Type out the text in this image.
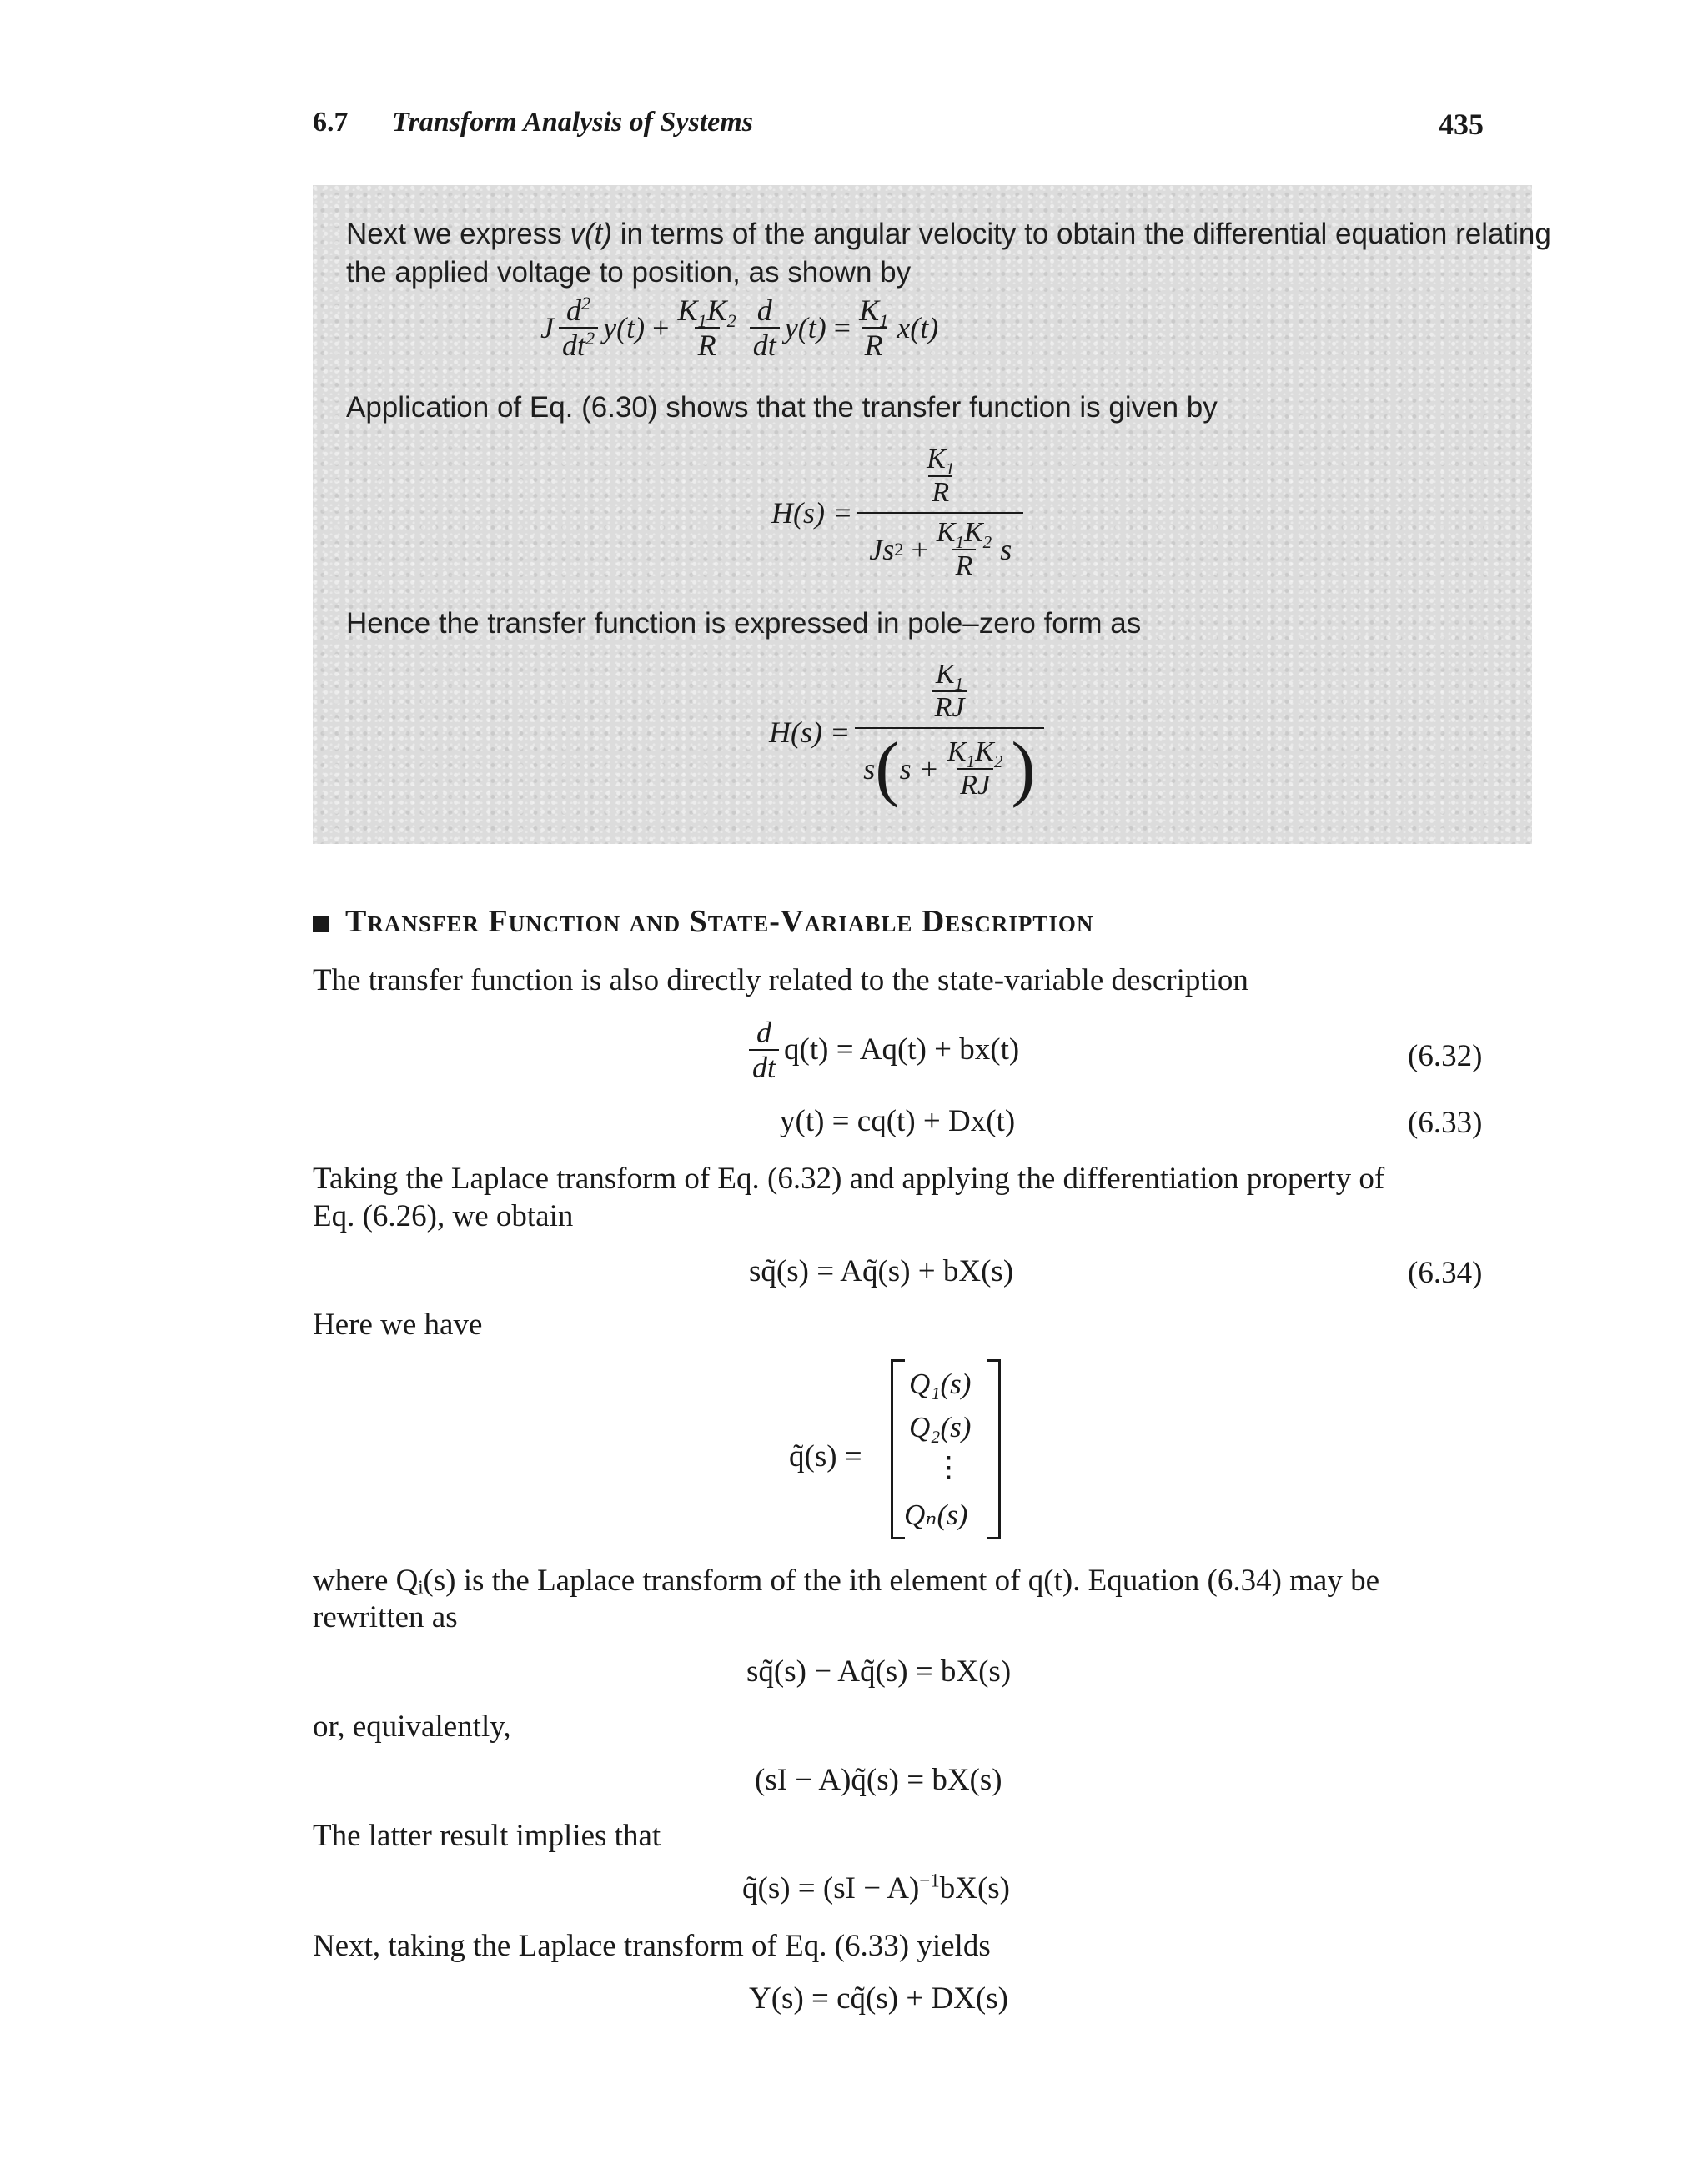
6.7 Transform Analysis of Systems	435
Next we express v(t) in terms of the angular velocity to obtain the differential equation relating
the applied voltage to position, as shown by
J $\frac{d^2}{dt^2} y(t)$
+ $\frac{K_1K_2}{R} \frac{d}{dt} y(t)$
= $\frac{K_1}{R} x(t)$
Application of Eq. (6.30) shows that the transfer function is given by
$H(s) = \frac{K_1}{R}$
Js 2
+ $\frac{K_1K_2}{R}$ s
Hence the transfer function is expressed in pole–zero form as
$H(s) = \frac{\frac{K_1}{RJ}}{s ( s + \frac{K_1K_2}{RJ} )}$
Transfer Function and State-Variable Description
The transfer function is also directly related to the state-variable description
$\frac{d}{dt} q(t) = Aq(t) + bx(t)$	(6.32)
y(t) = cq(t) + Dx(t)	(6.33)
Taking the Laplace transform of Eq. (6.32) and applying the differentiation property of
Eq. (6.26), we obtain
sq̃(s) = Aq̃(s) + bX(s)	(6.34)
Here we have
q̃(s) =
Q₁(s)
Q₂(s)
⋮
Qₙ(s)
where Qᵢ(s) is the Laplace transform of the ith element of q(t). Equation (6.34) may be
rewritten as
sq̃(s) − Aq̃(s) = bX(s)
or, equivalently,
(sI − A)q̃(s) = bX(s)
The latter result implies that
q̃(s) = (sI − A)$^{-1}$bX(s)
Next, taking the Laplace transform of Eq. (6.33) yields
Y(s) = cq̃(s) + DX(s)
